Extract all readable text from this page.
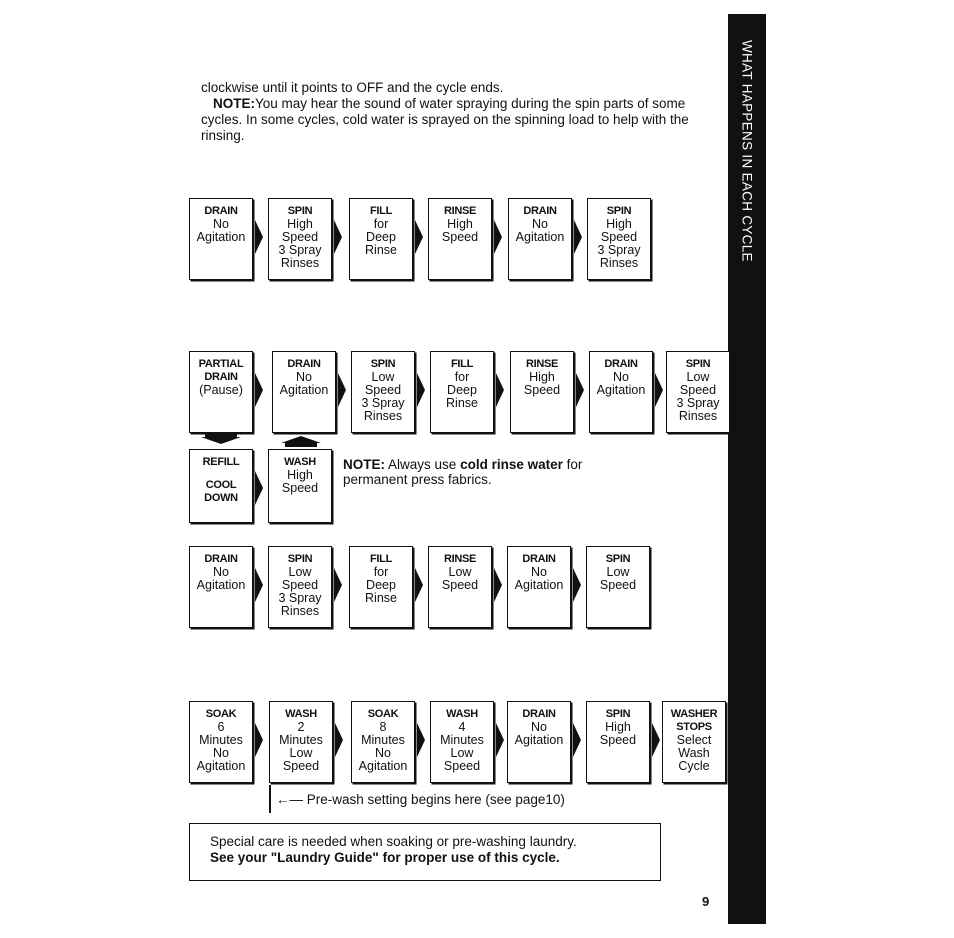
clockwise until it points to OFF and the cycle ends.

NOTE:You may hear the sound of water spraying during the spin parts of some cycles. In some cycles, cold water is sprayed on the spinning load to help with the rinsing.	WHAT HAPPENS IN EACH CYCLE
DRAIN
No
Agitation
SPIN
High
Speed
3 Spray
Rinses
FILL
for
Deep
Rinse
RINSE
High
Speed
DRAIN
No
Agitation
SPIN
High
Speed
3 Spray
Rinses
PARTIAL DRAIN
(Pause)
DRAIN
No
Agitation
SPIN
Low
Speed
3 Spray
Rinses
FILL
for
Deep
Rinse
RINSE
High
Speed
DRAIN
No
Agitation
SPIN
Low
Speed
3 Spray
Rinses
REFILL
COOL DOWN
WASH
High
Speed
DRAIN
No
Agitation
SPIN
Low
Speed
3 Spray
Rinses
FILL
for
Deep
Rinse
RINSE
Low
Speed
DRAIN
No
Agitation
SPIN
Low
Speed
SOAK
6
Minutes
No
Agitation
WASH
2
Minutes
Low
Speed
SOAK
8
Minutes
No
Agitation
WASH
4
Minutes
Low
Speed
DRAIN
No
Agitation
SPIN
High
Speed
WASHER STOPS
Select
Wash
Cycle
NOTE: Always use cold rinse water for permanent press fabrics.
←— Pre-wash setting begins here (see page10)

Special care is needed when soaking or pre-washing laundry.

See your "Laundry Guide" for proper use of this cycle.

9
